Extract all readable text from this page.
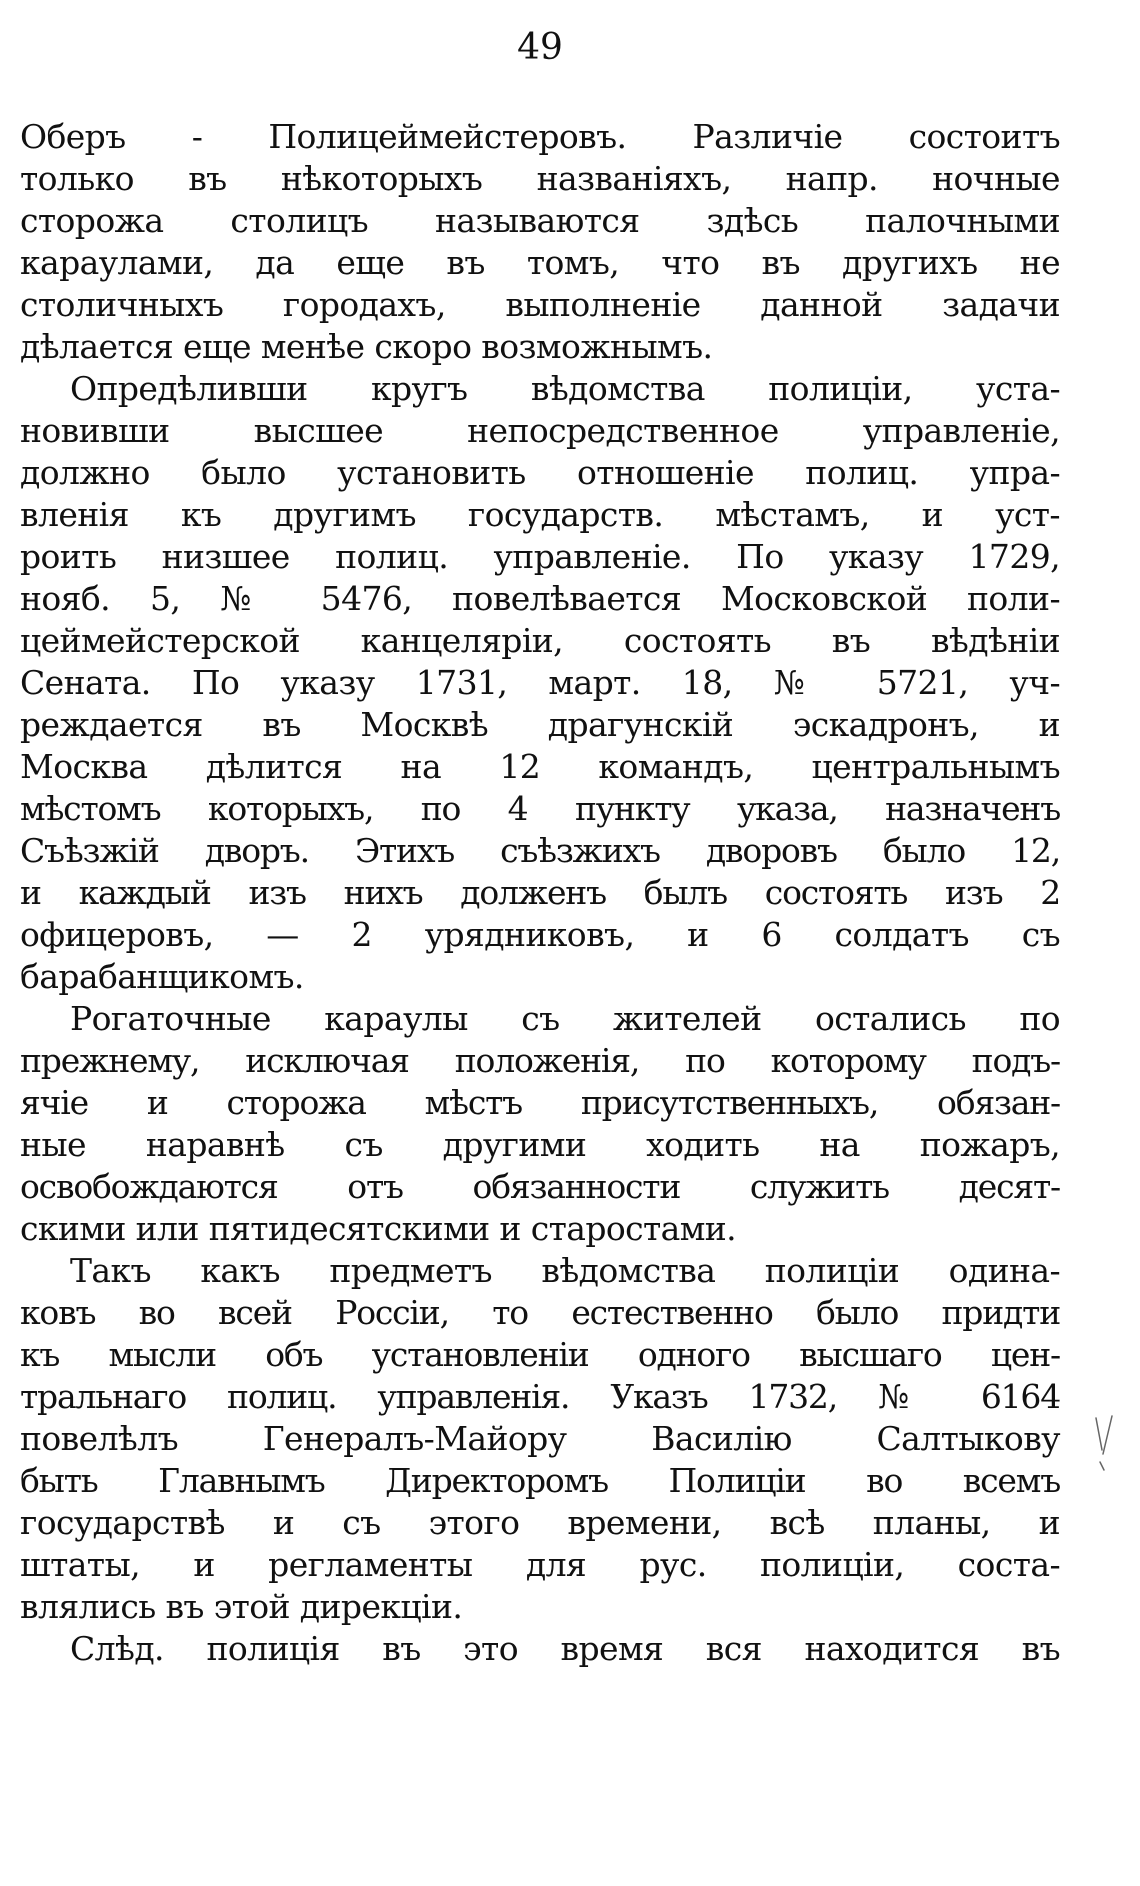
49
Оберъ - Полицеймейстеровъ. Различіе состоитъ
только въ нѣкоторыхъ названіяхъ, напр. ночные
сторожа столицъ называются здѣсь палочными
караулами, да еще въ томъ, что въ другихъ не
столичныхъ городахъ, выполненіе данной задачи
дѣлается еще менѣе скоро возможнымъ.
Опредѣливши кругъ вѣдомства полиціи, уста-
новивши высшее непосредственное управленіе,
должно было установить отношеніе полиц. упра-
вленія къ другимъ государств. мѣстамъ, и уст-
роить низшее полиц. управленіе. По указу 1729,
нояб. 5, № 5476, повелѣвается Московской поли-
цеймейстерской канцеляріи, состоять въ вѣдѣніи
Сената. По указу 1731, март. 18, № 5721, уч-
реждается въ Москвѣ драгунскій эскадронъ, и
Москва дѣлится на 12 командъ, центральнымъ
мѣстомъ которыхъ, по 4 пункту указа, назначенъ
Съѣзжій дворъ. Этихъ съѣзжихъ дворовъ было 12,
и каждый изъ нихъ долженъ былъ состоять изъ 2
офицеровъ, — 2 урядниковъ, и 6 солдатъ съ
барабанщикомъ.
Рогаточные караулы съ жителей остались по
прежнему, исключая положенія, по которому подъ-
ячіе и сторожа мѣстъ присутственныхъ, обязан-
ные наравнѣ съ другими ходить на пожаръ,
освобождаются отъ обязанности служить десят-
скими или пятидесятскими и старостами.
Такъ какъ предметъ вѣдомства полиціи одина-
ковъ во всей Россіи, то естественно было придти
къ мысли объ установленіи одного высшаго цен-
тральнаго полиц. управленія. Указъ 1732, № 6164
повелѣлъ Генералъ-Майору Василію Салтыкову
быть Главнымъ Директоромъ Полиціи во всемъ
государствѣ и съ этого времени, всѣ планы, и
штаты, и регламенты для рус. полиціи, соста-
влялись въ этой дирекціи.
Слѣд. полиція въ это время вся находится въ
